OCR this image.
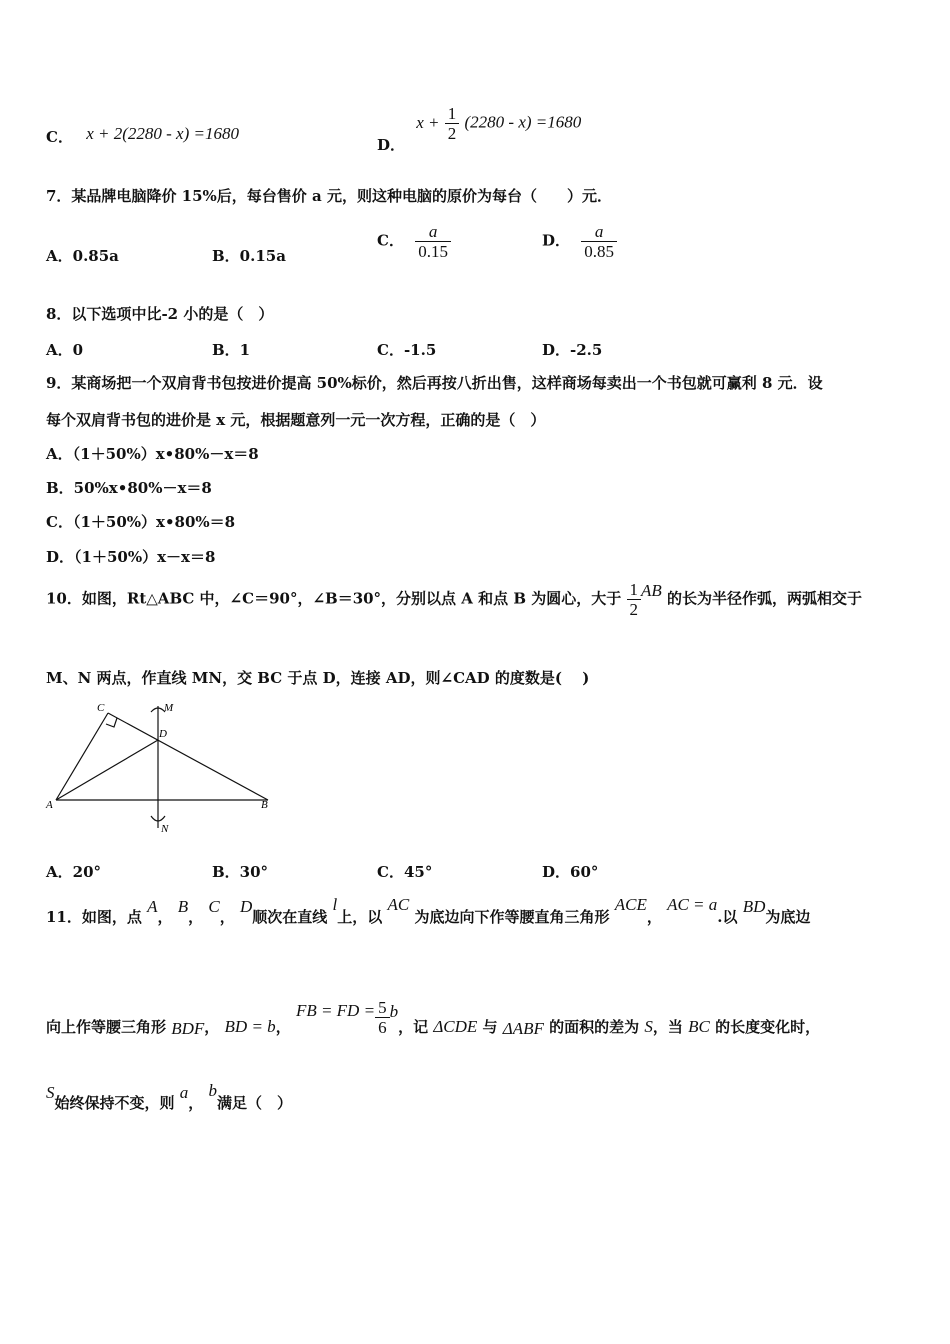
C． x + 2(2280 - x) =1680
D． $x + \frac{1}{2} (2280 - x) =1680$
7．某品牌电脑降价 15%后，每台售价 a 元，则这种电脑的原价为每台（　　）元．
A．0.85a	B．0.15a
C． $\frac{a}{0.15}$	D． $\frac{a}{0.85}$
8．以下选项中比-2 小的是（　）
A．0	B．1	C．-1.5	D．-2.5
9．某商场把一个双肩背书包按进价提高 50%标价，然后再按八折出售，这样商场每卖出一个书包就可赢利 8 元．设
每个双肩背书包的进价是 x 元，根据题意列一元一次方程，正确的是（　）
A．（1＋50%）x•80%－x＝8
B．50%x•80%－x＝8
C．（1＋50%）x•80%＝8
D．（1＋50%）x－x＝8
10．如图，Rt△ABC 中，∠C＝90°，∠B＝30°，分别以点 A 和点 B 为圆心，大于 $\frac{1}{2}$ AB 的长为半径作弧，两弧相交于
M、N 两点，作直线 MN，交 BC 于点 D，连接 AD，则∠CAD 的度数是(　 )
C	M
D
A	B
N
A．20°	B．30°	C．45°	D．60°
11．如图，点 A， B， C， D顺次在直线 l上，以 AC 为底边向下作等腰直角三角形 ACE， AC = a.以 BD为底边
向上作等腰三角形 BDF， BD = b， FB = FD = $\frac{5}{6}$ b，记 ΔCDE 与 ΔABF 的面积的差为 S，当 BC 的长度变化时，
S始终保持不变，则 a， b满足（　）
